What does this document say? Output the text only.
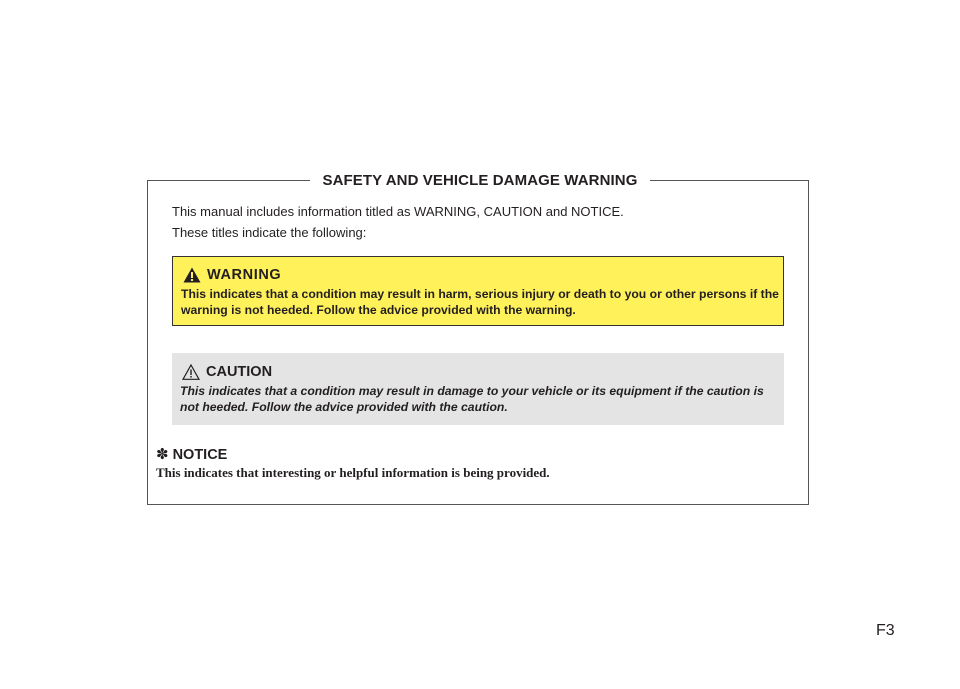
SAFETY AND VEHICLE DAMAGE WARNING
This manual includes information titled as WARNING, CAUTION and NOTICE.
These titles indicate the following:
WARNING
This indicates that a condition may result in harm, serious injury or death to you or other persons if the warning is not heeded. Follow the advice provided with the warning.
CAUTION
This indicates that a condition may result in damage to your vehicle or its equipment if the caution is not heeded. Follow the advice provided with the caution.
✽ NOTICE
This indicates that interesting or helpful information is being provided.
F3
